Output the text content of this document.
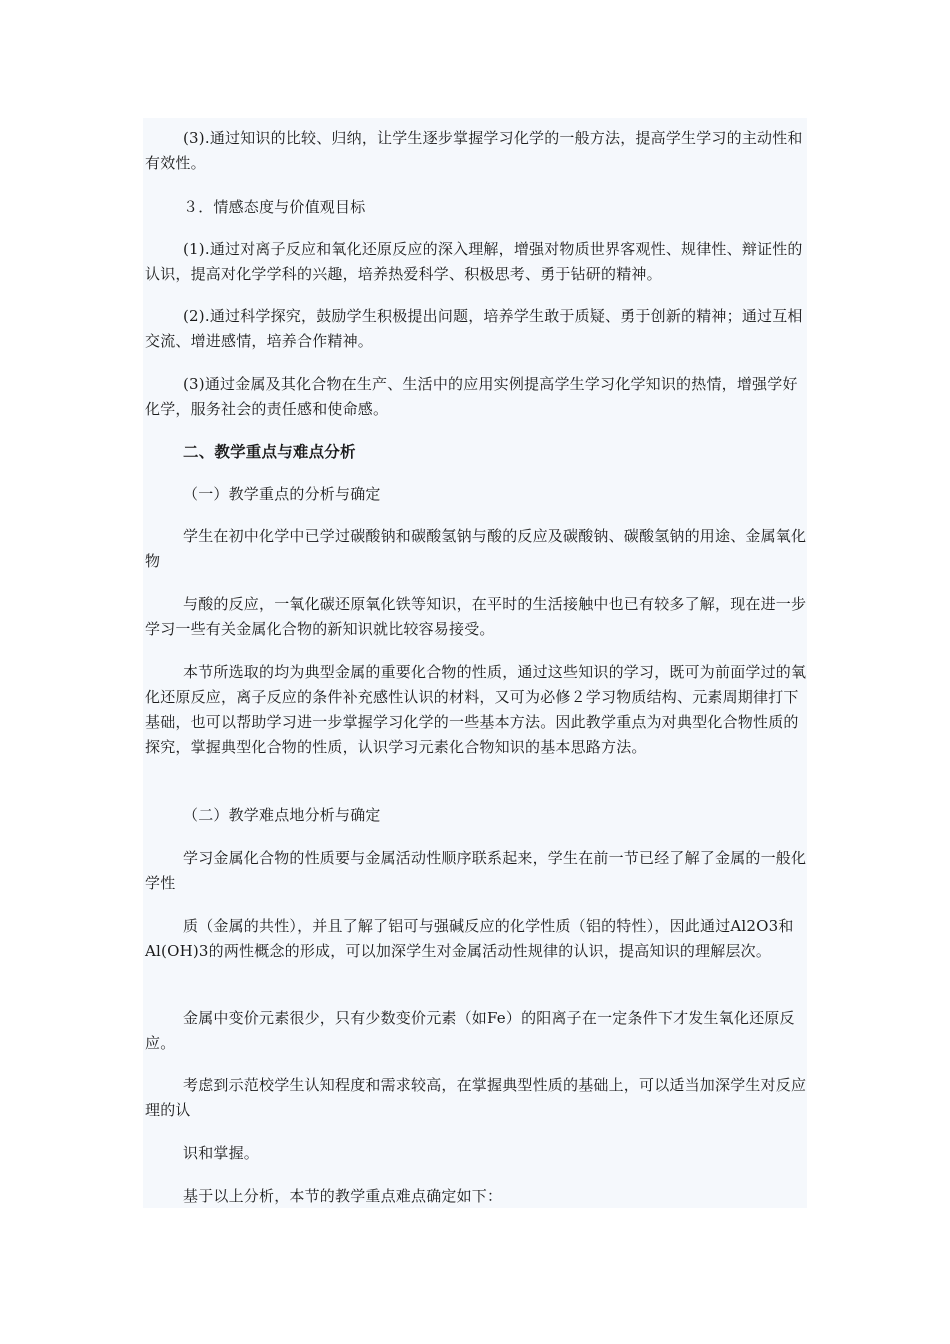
(3).通过知识的比较、归纳，让学生逐步掌握学习化学的一般方法，提高学生学习的主动性和有效性。

３．情感态度与价值观目标

(1).通过对离子反应和氧化还原反应的深入理解，增强对物质世界客观性、规律性、辩证性的认识，提高对化学学科的兴趣，培养热爱科学、积极思考、勇于钻研的精神。

(2).通过科学探究，鼓励学生积极提出问题，培养学生敢于质疑、勇于创新的精神；通过互相交流、增进感情，培养合作精神。

(3)通过金属及其化合物在生产、生活中的应用实例提高学生学习化学知识的热情，增强学好化学，服务社会的责任感和使命感。

二、教学重点与难点分析

（一）教学重点的分析与确定

学生在初中化学中已学过碳酸钠和碳酸氢钠与酸的反应及碳酸钠、碳酸氢钠的用途、金属氧化物

与酸的反应，一氧化碳还原氧化铁等知识，在平时的生活接触中也已有较多了解，现在进一步学习一些有关金属化合物的新知识就比较容易接受。

本节所选取的均为典型金属的重要化合物的性质，通过这些知识的学习，既可为前面学过的氧化还原反应，离子反应的条件补充感性认识的材料，又可为必修２学习物质结构、元素周期律打下基础，也可以帮助学习进一步掌握学习化学的一些基本方法。因此教学重点为对典型化合物性质的探究，掌握典型化合物的性质，认识学习元素化合物知识的基本思路方法。

（二）教学难点地分析与确定

学习金属化合物的性质要与金属活动性顺序联系起来，学生在前一节已经了解了金属的一般化学性

质（金属的共性），并且了解了铝可与强碱反应的化学性质（铝的特性），因此通过Al2O3和Al(OH)3的两性概念的形成，可以加深学生对金属活动性规律的认识，提高知识的理解层次。

金属中变价元素很少，只有少数变价元素（如Fe）的阳离子在一定条件下才发生氧化还原反应。

考虑到示范校学生认知程度和需求较高，在掌握典型性质的基础上，可以适当加深学生对反应理的认

识和掌握。

基于以上分析，本节的教学重点难点确定如下：
